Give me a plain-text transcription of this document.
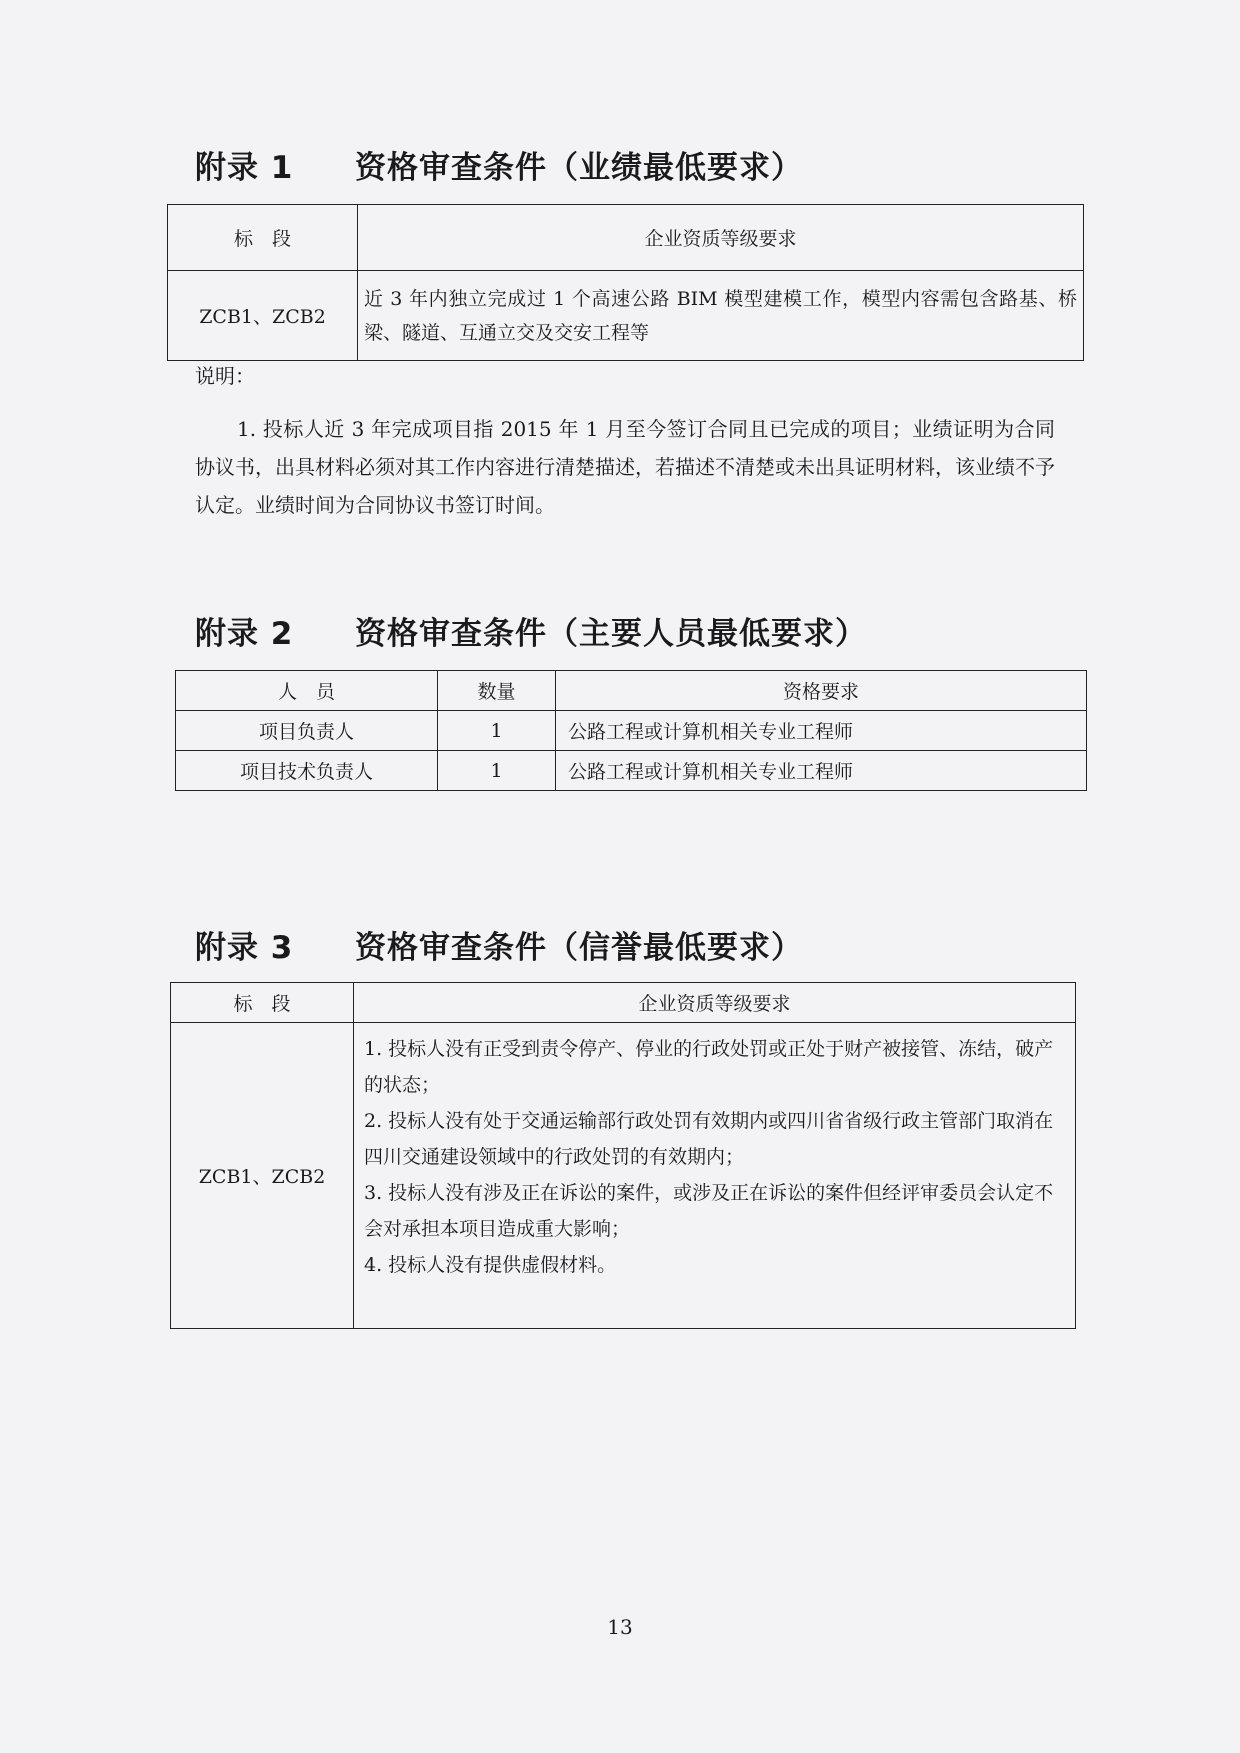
附录 1 资格审查条件（业绩最低要求）
标　段	企业资质等级要求
ZCB1、ZCB2	近 3 年内独立完成过 1 个高速公路 BIM 模型建模工作，模型内容需包含路基、桥梁、隧道、互通立交及交安工程等
说明：
1. 投标人近 3 年完成项目指 2015 年 1 月至今签订合同且已完成的项目；业绩证明为合同协议书，出具材料必须对其工作内容进行清楚描述，若描述不清楚或未出具证明材料，该业绩不予认定。业绩时间为合同协议书签订时间。
附录 2 资格审查条件（主要人员最低要求）
人　员	数量	资格要求
项目负责人	1	公路工程或计算机相关专业工程师
项目技术负责人	1	公路工程或计算机相关专业工程师
附录 3 资格审查条件（信誉最低要求）
标　段	企业资质等级要求
ZCB1、ZCB2	1. 投标人没有正受到责令停产、停业的行政处罚或正处于财产被接管、冻结，破产的状态；

2. 投标人没有处于交通运输部行政处罚有效期内或四川省省级行政主管部门取消在四川交通建设领域中的行政处罚的有效期内；

3. 投标人没有涉及正在诉讼的案件，或涉及正在诉讼的案件但经评审委员会认定不会对承担本项目造成重大影响；

4. 投标人没有提供虚假材料。

13
